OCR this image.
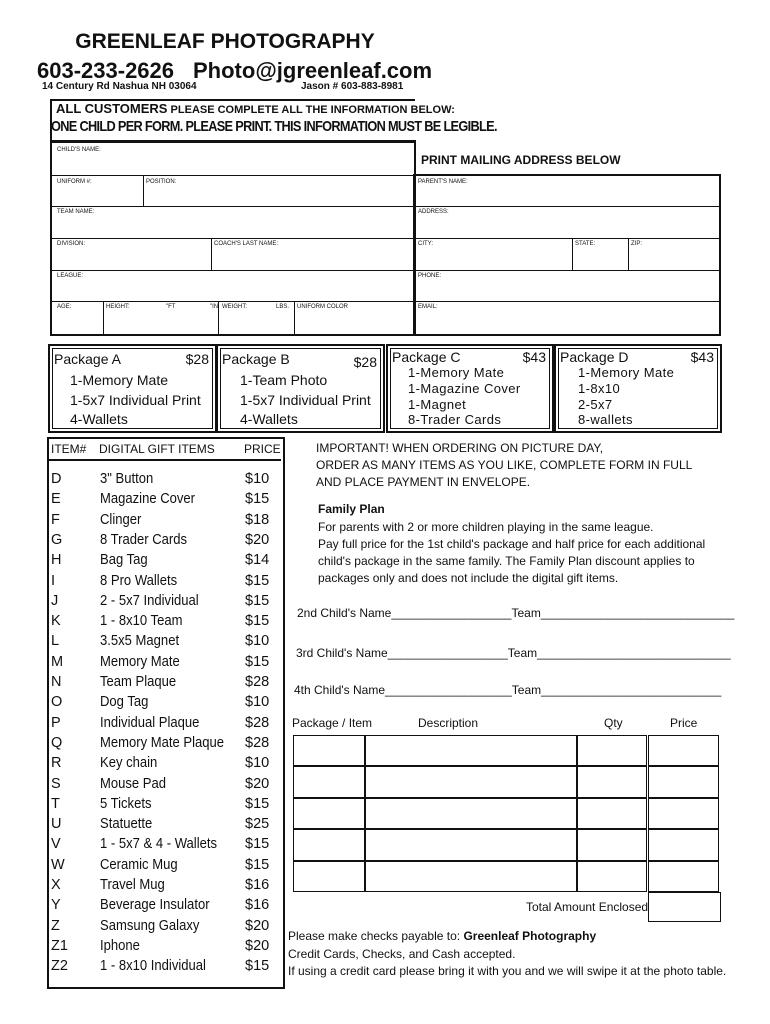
GREENLEAF PHOTOGRAPHY
603-233-2626 Photo@jgreenleaf.com
14 Century Rd Nashua NH 03064	Jason # 603-883-8981
ALL CUSTOMERS PLEASE COMPLETE ALL THE INFORMATION BELOW:
ONE CHILD PER FORM. PLEASE PRINT. THIS INFORMATION MUST BE LEGIBLE.
CHILD'S NAME:
UNIFORM #:	POSITION:
TEAM NAME:
DIVISION:	COACH'S LAST NAME:
LEAGUE:
AGE:	HEIGHT:	"FT	"IN WEIGHT:	LBS. UNIFORM COLOR
PRINT MAILING ADDRESS BELOW
PARENT'S NAME:
ADDRESS:
CITY:	STATE:	ZIP:
PHONE:
EMAIL:
Package A	$28
1-Memory Mate
1-5x7 Individual Print
4-Wallets
Package B	$28
1-Team Photo
1-5x7 Individual Print
4-Wallets
Package C	$43
1-Memory Mate
1-Magazine Cover
1-Magnet
8-Trader Cards
Package D	$43
1-Memory Mate
1-8x10
2-5x7
8-wallets
ITEM# DIGITAL GIFT ITEMS PRICE
D	3" Button	$10
E	Magazine Cover	$15
F	Clinger	$18
G	8 Trader Cards	$20
H	Bag Tag	$14
I	8 Pro Wallets	$15
J	2 - 5x7 Individual	$15
K	1 - 8x10 Team	$15
L	3.5x5 Magnet	$10
M	Memory Mate	$15
N	Team Plaque	$28
O	Dog Tag	$10
P	Individual Plaque	$28
Q	Memory Mate Plaque $28
R	Key chain	$10
S	Mouse Pad	$20
T	5 Tickets	$15
U	Statuette	$25
V	1 - 5x7 & 4 - Wallets $15
W Ceramic Mug	$15
X	Travel Mug	$16
Y	Beverage Insulator $16
Z	Samsung Galaxy	$20
Z1 Iphone	$20
Z2 1 - 8x10 Individual	$15
IMPORTANT! WHEN ORDERING ON PICTURE DAY,
ORDER AS MANY ITEMS AS YOU LIKE, COMPLETE FORM IN FULL
AND PLACE PAYMENT IN ENVELOPE.
Family Plan
For parents with 2 or more children playing in the same league.
Pay full price for the 1st child's package and half price for each additional
child's package in the same family. The Family Plan discount applies to
packages only and does not include the digital gift items.
2nd Child's Name__________________Team_____________________________
3rd Child's Name__________________Team_____________________________
4th Child's Name___________________Team___________________________
Package / Item	Description	Qty	Price
Total Amount Enclosed
Please make checks payable to: Greenleaf Photography
Credit Cards, Checks, and Cash accepted.
If using a credit card please bring it with you and we will swipe it at the photo table.
